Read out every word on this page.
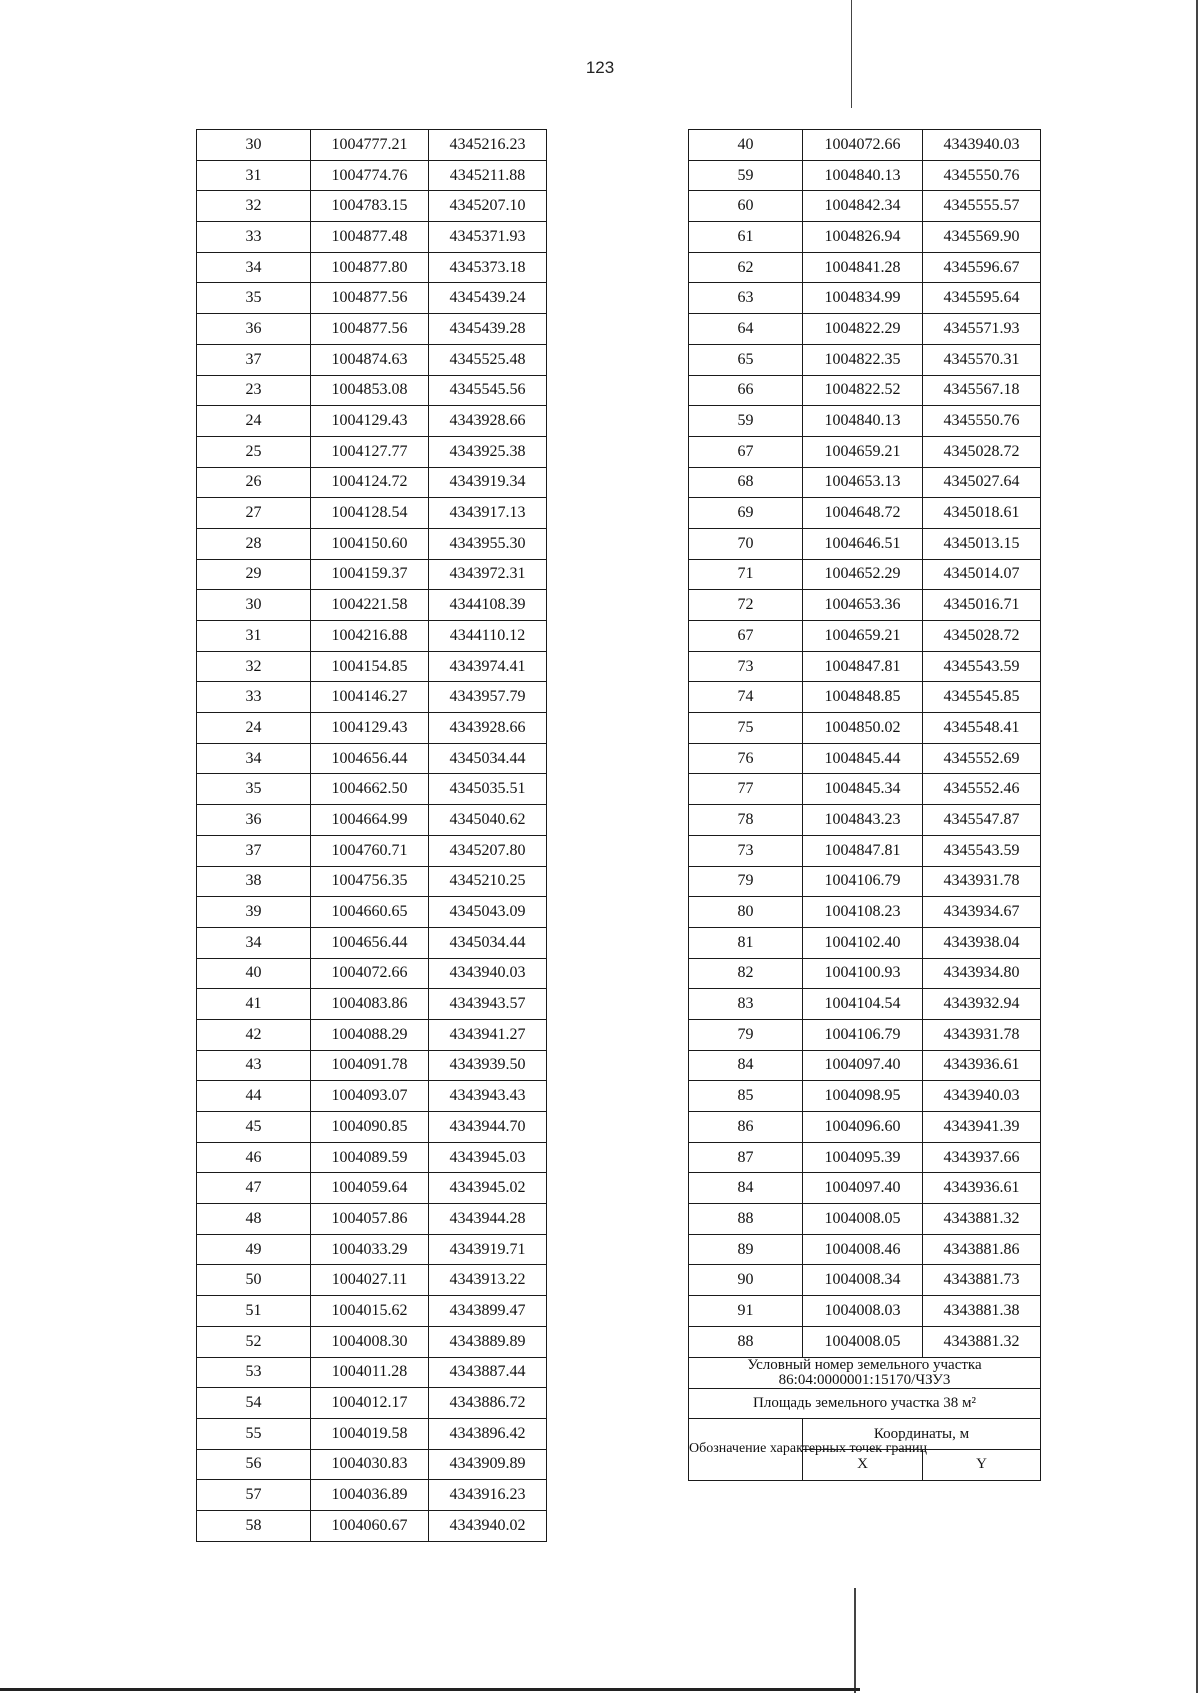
123
30	1004777.21	4345216.23
31	1004774.76	4345211.88
32	1004783.15	4345207.10
33	1004877.48	4345371.93
34	1004877.80	4345373.18
35	1004877.56	4345439.24
36	1004877.56	4345439.28
37	1004874.63	4345525.48
23	1004853.08	4345545.56
24	1004129.43	4343928.66
25	1004127.77	4343925.38
26	1004124.72	4343919.34
27	1004128.54	4343917.13
28	1004150.60	4343955.30
29	1004159.37	4343972.31
30	1004221.58	4344108.39
31	1004216.88	4344110.12
32	1004154.85	4343974.41
33	1004146.27	4343957.79
24	1004129.43	4343928.66
34	1004656.44	4345034.44
35	1004662.50	4345035.51
36	1004664.99	4345040.62
37	1004760.71	4345207.80
38	1004756.35	4345210.25
39	1004660.65	4345043.09
34	1004656.44	4345034.44
40	1004072.66	4343940.03
41	1004083.86	4343943.57
42	1004088.29	4343941.27
43	1004091.78	4343939.50
44	1004093.07	4343943.43
45	1004090.85	4343944.70
46	1004089.59	4343945.03
47	1004059.64	4343945.02
48	1004057.86	4343944.28
49	1004033.29	4343919.71
50	1004027.11	4343913.22
51	1004015.62	4343899.47
52	1004008.30	4343889.89
53	1004011.28	4343887.44
54	1004012.17	4343886.72
55	1004019.58	4343896.42
56	1004030.83	4343909.89
57	1004036.89	4343916.23
58	1004060.67	4343940.02
40	1004072.66	4343940.03
59	1004840.13	4345550.76
60	1004842.34	4345555.57
61	1004826.94	4345569.90
62	1004841.28	4345596.67
63	1004834.99	4345595.64
64	1004822.29	4345571.93
65	1004822.35	4345570.31
66	1004822.52	4345567.18
59	1004840.13	4345550.76
67	1004659.21	4345028.72
68	1004653.13	4345027.64
69	1004648.72	4345018.61
70	1004646.51	4345013.15
71	1004652.29	4345014.07
72	1004653.36	4345016.71
67	1004659.21	4345028.72
73	1004847.81	4345543.59
74	1004848.85	4345545.85
75	1004850.02	4345548.41
76	1004845.44	4345552.69
77	1004845.34	4345552.46
78	1004843.23	4345547.87
73	1004847.81	4345543.59
79	1004106.79	4343931.78
80	1004108.23	4343934.67
81	1004102.40	4343938.04
82	1004100.93	4343934.80
83	1004104.54	4343932.94
79	1004106.79	4343931.78
84	1004097.40	4343936.61
85	1004098.95	4343940.03
86	1004096.60	4343941.39
87	1004095.39	4343937.66
84	1004097.40	4343936.61
88	1004008.05	4343881.32
89	1004008.46	4343881.86
90	1004008.34	4343881.73
91	1004008.03	4343881.38
88	1004008.05	4343881.32
Условный номер земельного участка
86:04:0000001:15170/ЧЗУ3		
Площадь земельного участка 38 м²		
Обозначение характерных точек границ	Координаты, м	
	X	Y
